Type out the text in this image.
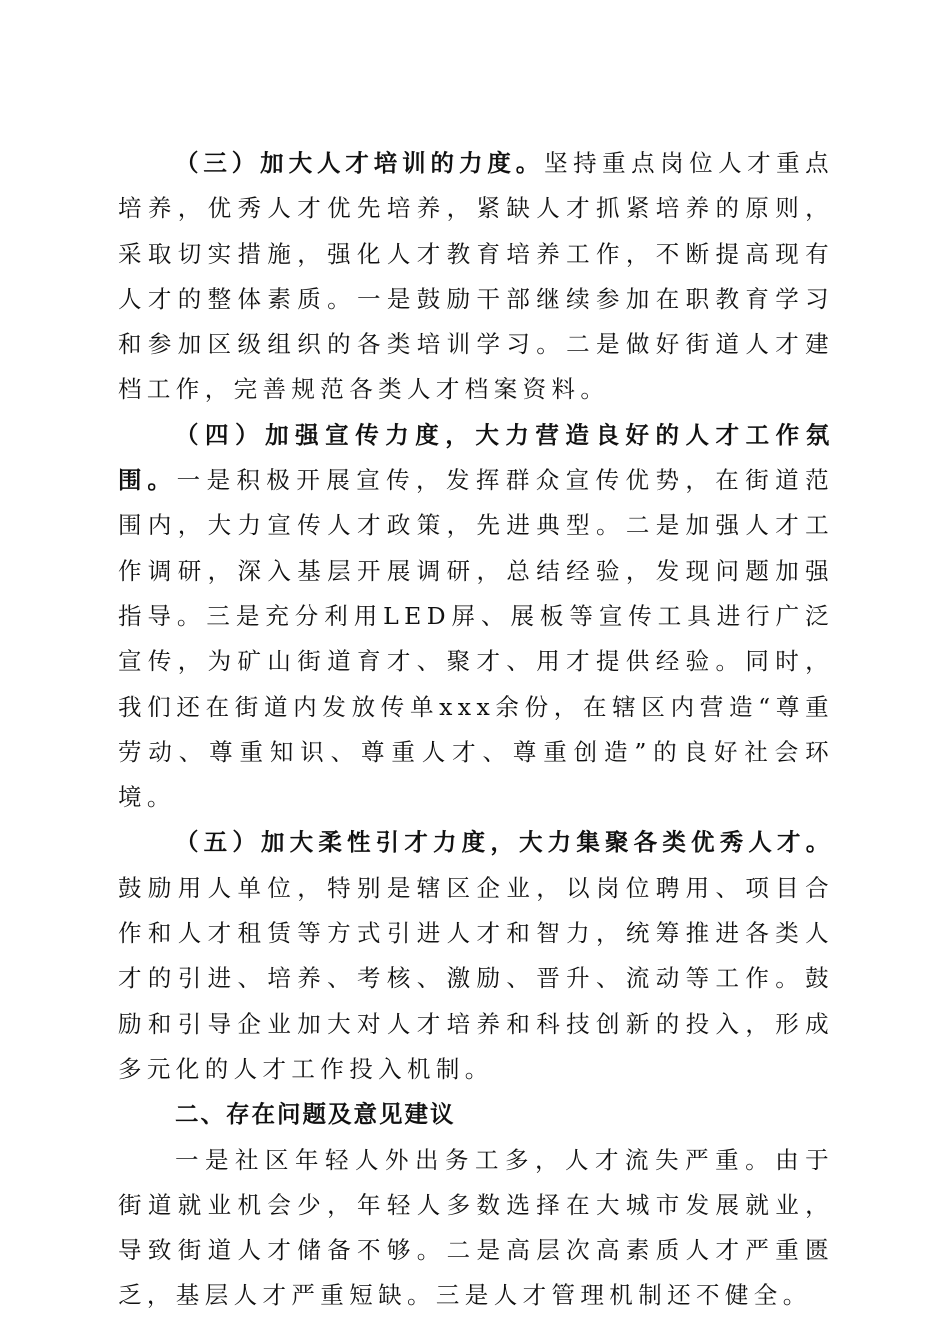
（三）加大人才培训的力度。坚持重点岗位人才重点培养，优秀人才优先培养，紧缺人才抓紧培养的原则，采取切实措施，强化人才教育培养工作，不断提高现有人才的整体素质。一是鼓励干部继续参加在职教育学习和参加区级组织的各类培训学习。二是做好街道人才建档工作，完善规范各类人才档案资料。

（四）加强宣传力度，大力营造良好的人才工作氛围。一是积极开展宣传，发挥群众宣传优势，在街道范围内，大力宣传人才政策，先进典型。二是加强人才工作调研，深入基层开展调研，总结经验，发现问题加强指导。三是充分利用LED屏、展板等宣传工具进行广泛宣传，为矿山街道育才、聚才、用才提供经验。同时，我们还在街道内发放传单xxx余份，在辖区内营造“尊重劳动、尊重知识、尊重人才、尊重创造”的良好社会环境。

（五）加大柔性引才力度，大力集聚各类优秀人才。鼓励用人单位，特别是辖区企业，以岗位聘用、项目合作和人才租赁等方式引进人才和智力，统筹推进各类人才的引进、培养、考核、激励、晋升、流动等工作。鼓励和引导企业加大对人才培养和科技创新的投入，形成多元化的人才工作投入机制。

二、存在问题及意见建议

一是社区年轻人外出务工多，人才流失严重。由于街道就业机会少，年轻人多数选择在大城市发展就业，导致街道人才储备不够。二是高层次高素质人才严重匮乏，基层人才严重短缺。三是人才管理机制还不健全。
